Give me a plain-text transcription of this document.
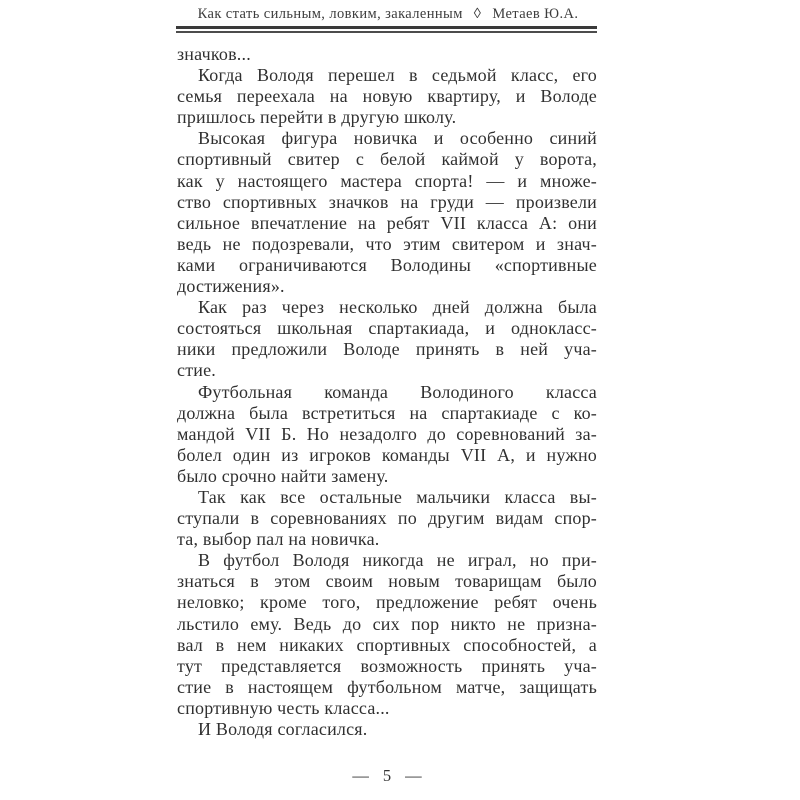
Как стать сильным, ловким, закаленным ◊ Метаев Ю.А.
значков...
Когда Володя перешел в седьмой класс, его
семья переехала на новую квартиру, и Володе
пришлось перейти в другую школу.
Высокая фигура новичка и особенно синий
спортивный свитер с белой каймой у ворота,
как у настоящего мастера спорта! — и множе-
ство спортивных значков на груди — произвели
сильное впечатление на ребят VII класса А: они
ведь не подозревали, что этим свитером и знач-
ками ограничиваются Володины «спортивные
достижения».
Как раз через несколько дней должна была
состояться школьная спартакиада, и однокласс-
ники предложили Володе принять в ней уча-
стие.
Футбольная команда Володиного класса
должна была встретиться на спартакиаде с ко-
мандой VII Б. Но незадолго до соревнований за-
болел один из игроков команды VII А, и нужно
было срочно найти замену.
Так как все остальные мальчики класса вы-
ступали в соревнованиях по другим видам спор-
та, выбор пал на новичка.
В футбол Володя никогда не играл, но при-
знаться в этом своим новым товарищам было
неловко; кроме того, предложение ребят очень
льстило ему. Ведь до сих пор никто не призна-
вал в нем никаких спортивных способностей, а
тут представляется возможность принять уча-
стие в настоящем футбольном матче, защищать
спортивную честь класса...
И Володя согласился.
— 5 —
